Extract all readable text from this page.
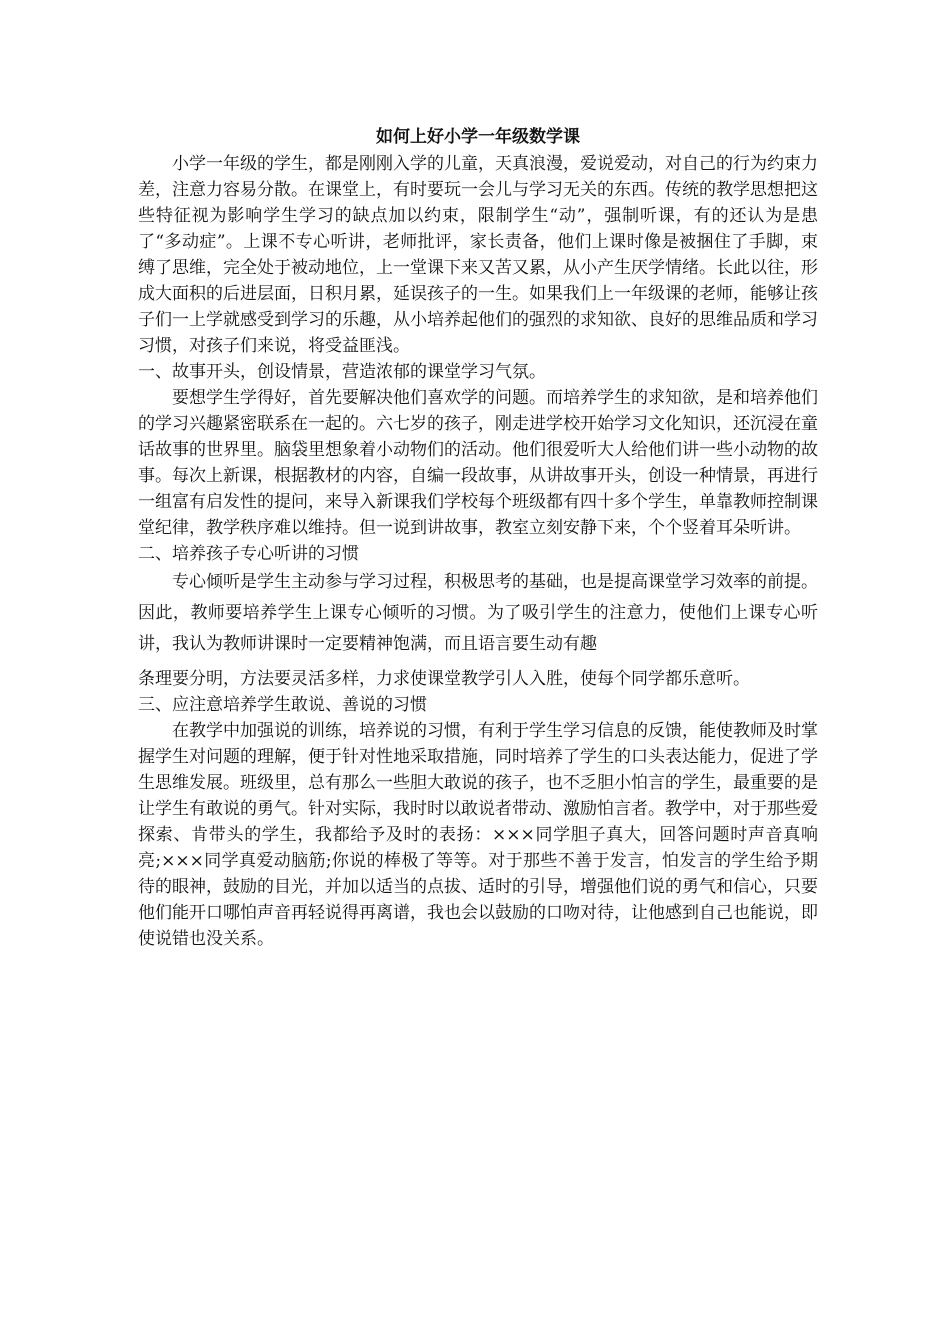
如何上好小学一年级数学课

小学一年级的学生，都是刚刚入学的儿童，天真浪漫，爱说爱动，对自己的行为约束力差，注意力容易分散。在课堂上，有时要玩一会儿与学习无关的东西。传统的教学思想把这些特征视为影响学生学习的缺点加以约束，限制学生“动”，强制听课，有的还认为是患了“多动症”。上课不专心听讲，老师批评，家长责备，他们上课时像是被捆住了手脚，束缚了思维，完全处于被动地位，上一堂课下来又苦又累，从小产生厌学情绪。长此以往，形成大面积的后进层面，日积月累，延误孩子的一生。如果我们上一年级课的老师，能够让孩子们一上学就感受到学习的乐趣，从小培养起他们的强烈的求知欲、良好的思维品质和学习习惯，对孩子们来说，将受益匪浅。

一、故事开头，创设情景，营造浓郁的课堂学习气氛。

要想学生学得好，首先要解决他们喜欢学的问题。而培养学生的求知欲，是和培养他们的学习兴趣紧密联系在一起的。六七岁的孩子，刚走进学校开始学习文化知识，还沉浸在童话故事的世界里。脑袋里想象着小动物们的活动。他们很爱听大人给他们讲一些小动物的故事。每次上新课，根据教材的内容，自编一段故事，从讲故事开头，创设一种情景，再进行一组富有启发性的提问，来导入新课我们学校每个班级都有四十多个学生，单靠教师控制课堂纪律，教学秩序难以维持。但一说到讲故事，教室立刻安静下来，个个竖着耳朵听讲。

二、培养孩子专心听讲的习惯

专心倾听是学生主动参与学习过程，积极思考的基础，也是提高课堂学习效率的前提。因此，教师要培养学生上课专心倾听的习惯。为了吸引学生的注意力，使他们上课专心听讲，我认为教师讲课时一定要精神饱满，而且语言要生动有趣

条理要分明，方法要灵活多样，力求使课堂教学引人入胜，使每个同学都乐意听。

三、应注意培养学生敢说、善说的习惯

在教学中加强说的训练，培养说的习惯，有利于学生学习信息的反馈，能使教师及时掌握学生对问题的理解，便于针对性地采取措施，同时培养了学生的口头表达能力，促进了学生思维发展。班级里，总有那么一些胆大敢说的孩子，也不乏胆小怕言的学生，最重要的是让学生有敢说的勇气。针对实际，我时时以敢说者带动、激励怕言者。教学中，对于那些爱探索、肯带头的学生，我都给予及时的表扬：×××同学胆子真大，回答问题时声音真响亮;×××同学真爱动脑筋;你说的棒极了等等。对于那些不善于发言，怕发言的学生给予期待的眼神，鼓励的目光，并加以适当的点拔、适时的引导，增强他们说的勇气和信心，只要他们能开口哪怕声音再轻说得再离谱，我也会以鼓励的口吻对待，让他感到自己也能说，即使说错也没关系。
